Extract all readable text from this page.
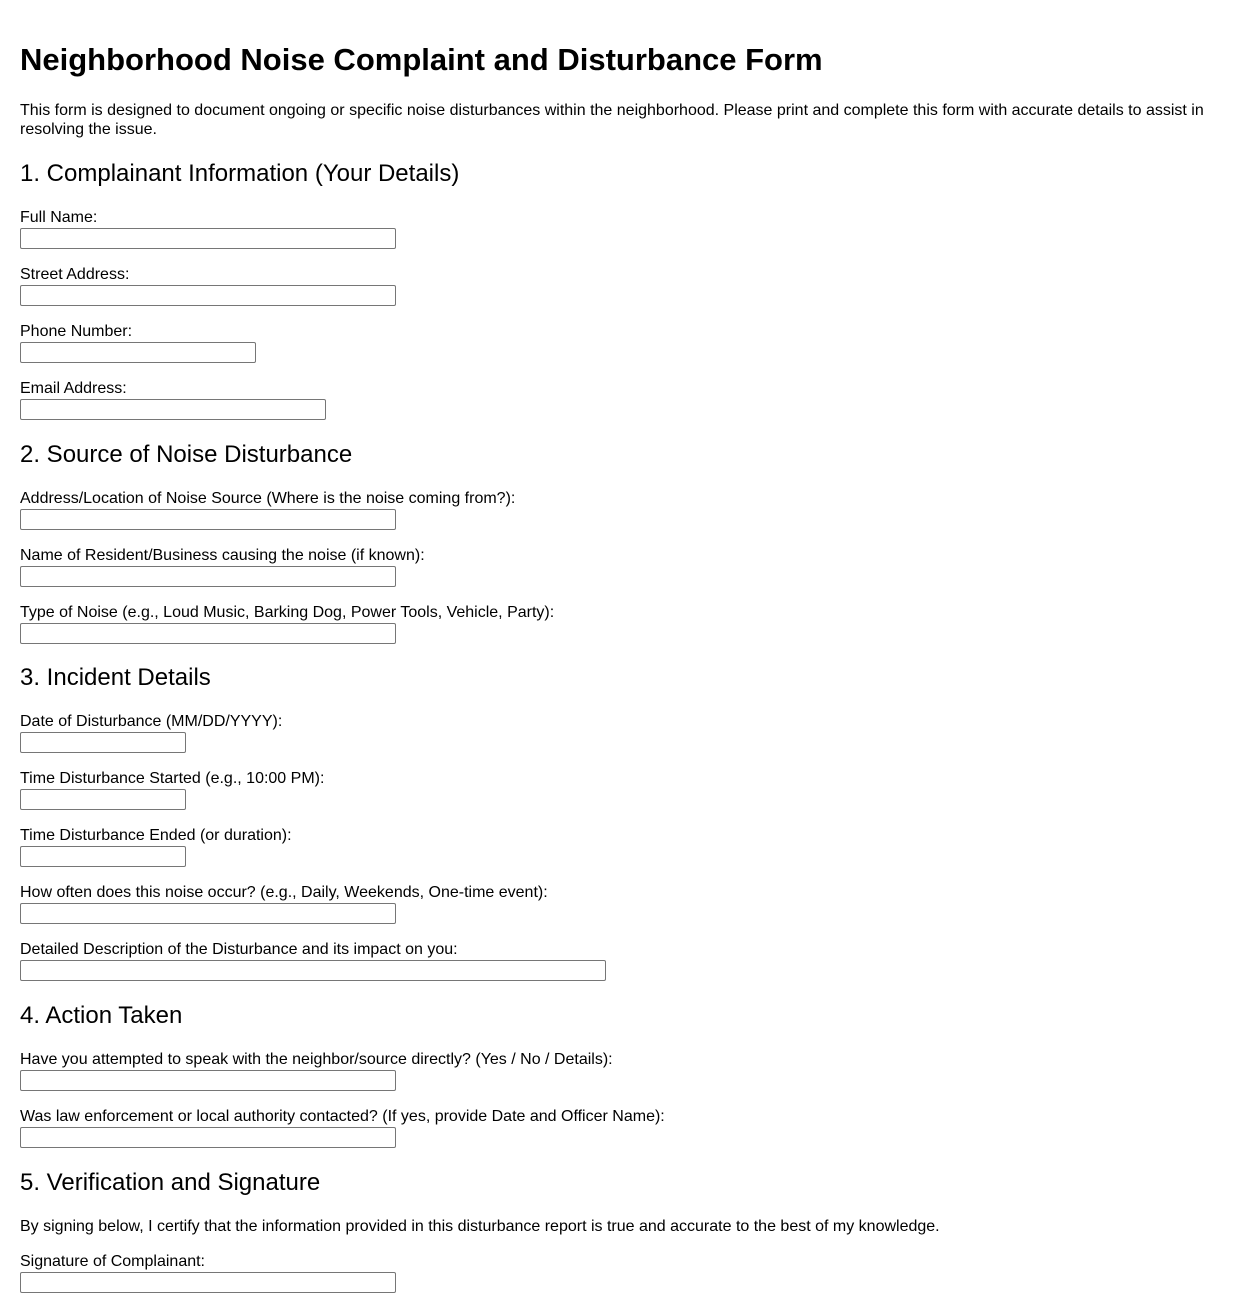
Neighborhood Noise Complaint and Disturbance Form

This form is designed to document ongoing or specific noise disturbances within the neighborhood. Please print and complete this form with accurate details to assist in resolving the issue.

1. Complainant Information (Your Details)
Full Name:
Street Address:
Phone Number:
Email Address:
2. Source of Noise Disturbance
Address/Location of Noise Source (Where is the noise coming from?):
Name of Resident/Business causing the noise (if known):
Type of Noise (e.g., Loud Music, Barking Dog, Power Tools, Vehicle, Party):
3. Incident Details
Date of Disturbance (MM/DD/YYYY):
Time Disturbance Started (e.g., 10:00 PM):
Time Disturbance Ended (or duration):
How often does this noise occur? (e.g., Daily, Weekends, One-time event):
Detailed Description of the Disturbance and its impact on you:
4. Action Taken
Have you attempted to speak with the neighbor/source directly? (Yes / No / Details):
Was law enforcement or local authority contacted? (If yes, provide Date and Officer Name):
5. Verification and Signature

By signing below, I certify that the information provided in this disturbance report is true and accurate to the best of my knowledge.

Signature of Complainant:
